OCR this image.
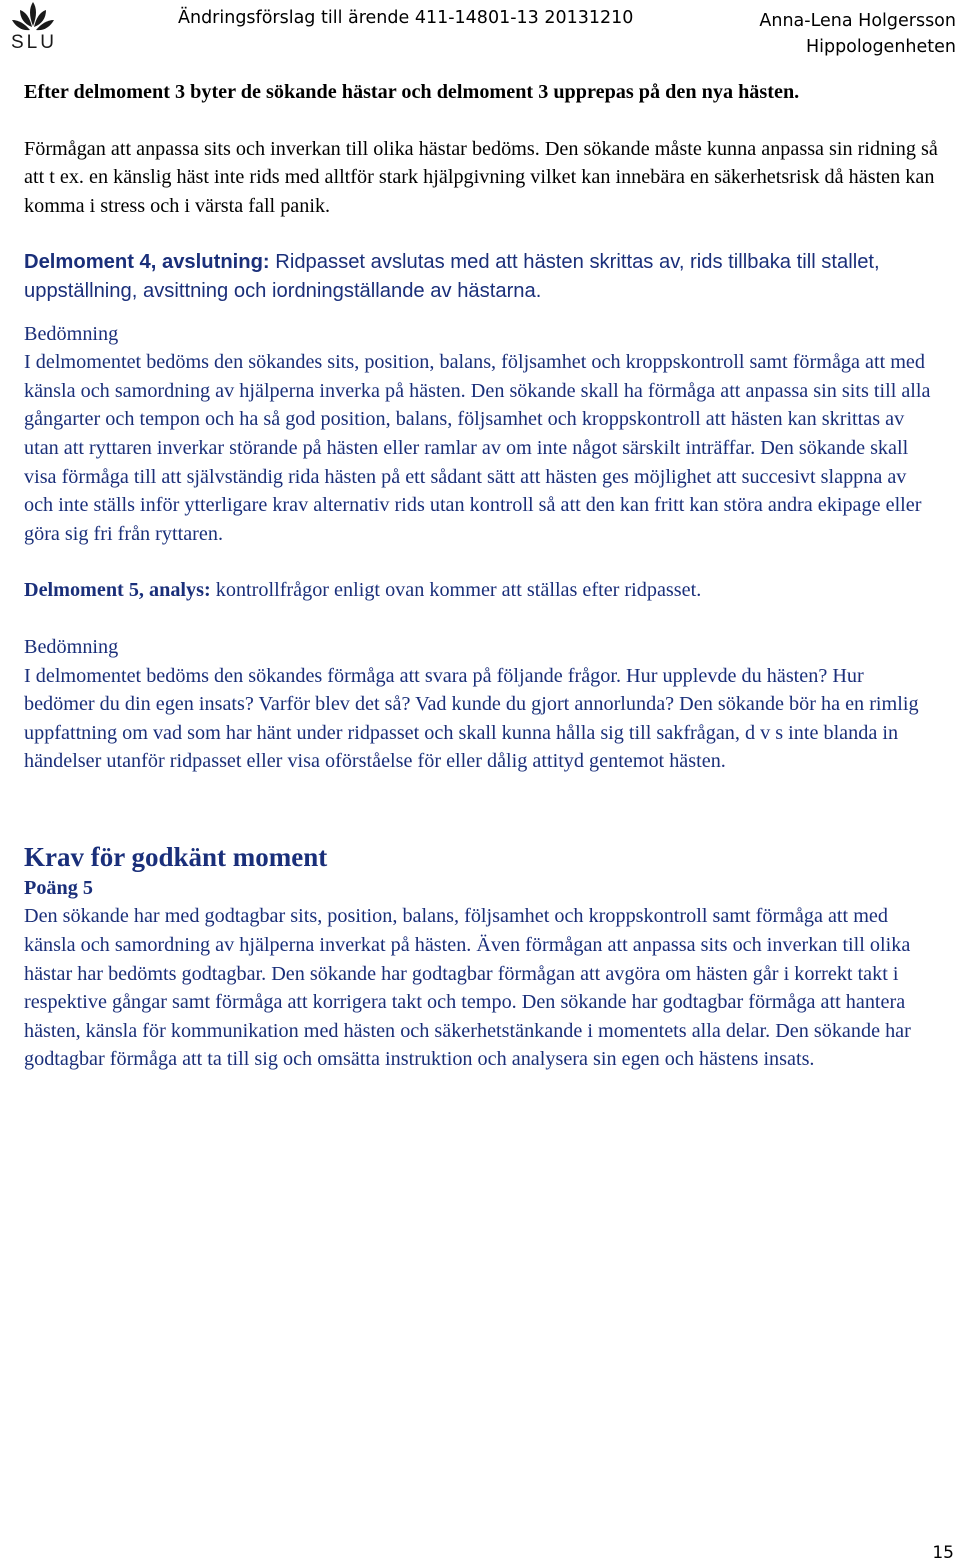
SLU
Ändringsförslag till ärende 411-14801-13 20131210	Anna-Lena Holgersson
Hippologenheten

Efter delmoment 3 byter de sökande hästar och delmoment 3 upprepas på den nya hästen.

Förmågan att anpassa sits och inverkan till olika hästar bedöms. Den sökande måste kunna anpassa sin ridning så att t ex. en känslig häst inte rids med alltför stark hjälpgivning vilket kan innebära en säkerhetsrisk då hästen kan komma i stress och i värsta fall panik.

Delmoment 4, avslutning: Ridpasset avslutas med att hästen skrittas av, rids tillbaka till stallet, uppställning, avsittning och iordningställande av hästarna.

Bedömning

I delmomentet bedöms den sökandes sits, position, balans, följsamhet och kroppskontroll samt förmåga att med känsla och samordning av hjälperna inverka på hästen. Den sökande skall ha förmåga att anpassa sin sits till alla gångarter och tempon och ha så god position, balans, följsamhet och kroppskontroll att hästen kan skrittas av utan att ryttaren inverkar störande på hästen eller ramlar av om inte något särskilt inträffar. Den sökande skall visa förmåga till att självständig rida hästen på ett sådant sätt att hästen ges möjlighet att succesivt slappna av och inte ställs inför ytterligare krav alternativ rids utan kontroll så att den kan fritt kan störa andra ekipage eller göra sig fri från ryttaren.

Delmoment 5, analys: kontrollfrågor enligt ovan kommer att ställas efter ridpasset.

Bedömning

I delmomentet bedöms den sökandes förmåga att svara på följande frågor. Hur upplevde du hästen? Hur bedömer du din egen insats? Varför blev det så? Vad kunde du gjort annorlunda? Den sökande bör ha en rimlig uppfattning om vad som har hänt under ridpasset och skall kunna hålla sig till sakfrågan, d v s inte blanda in händelser utanför ridpasset eller visa oförståelse för eller dålig attityd gentemot hästen.

Krav för godkänt moment

Poäng 5

Den sökande har med godtagbar sits, position, balans, följsamhet och kroppskontroll samt förmåga att med känsla och samordning av hjälperna inverkat på hästen. Även förmågan att anpassa sits och inverkan till olika hästar har bedömts godtagbar. Den sökande har godtagbar förmågan att avgöra om hästen går i korrekt takt i respektive gångar samt förmåga att korrigera takt och tempo. Den sökande har godtagbar förmåga att hantera hästen, känsla för kommunikation med hästen och säkerhetstänkande i momentets alla delar. Den sökande har godtagbar förmåga att ta till sig och omsätta instruktion och analysera sin egen och hästens insats.

15
